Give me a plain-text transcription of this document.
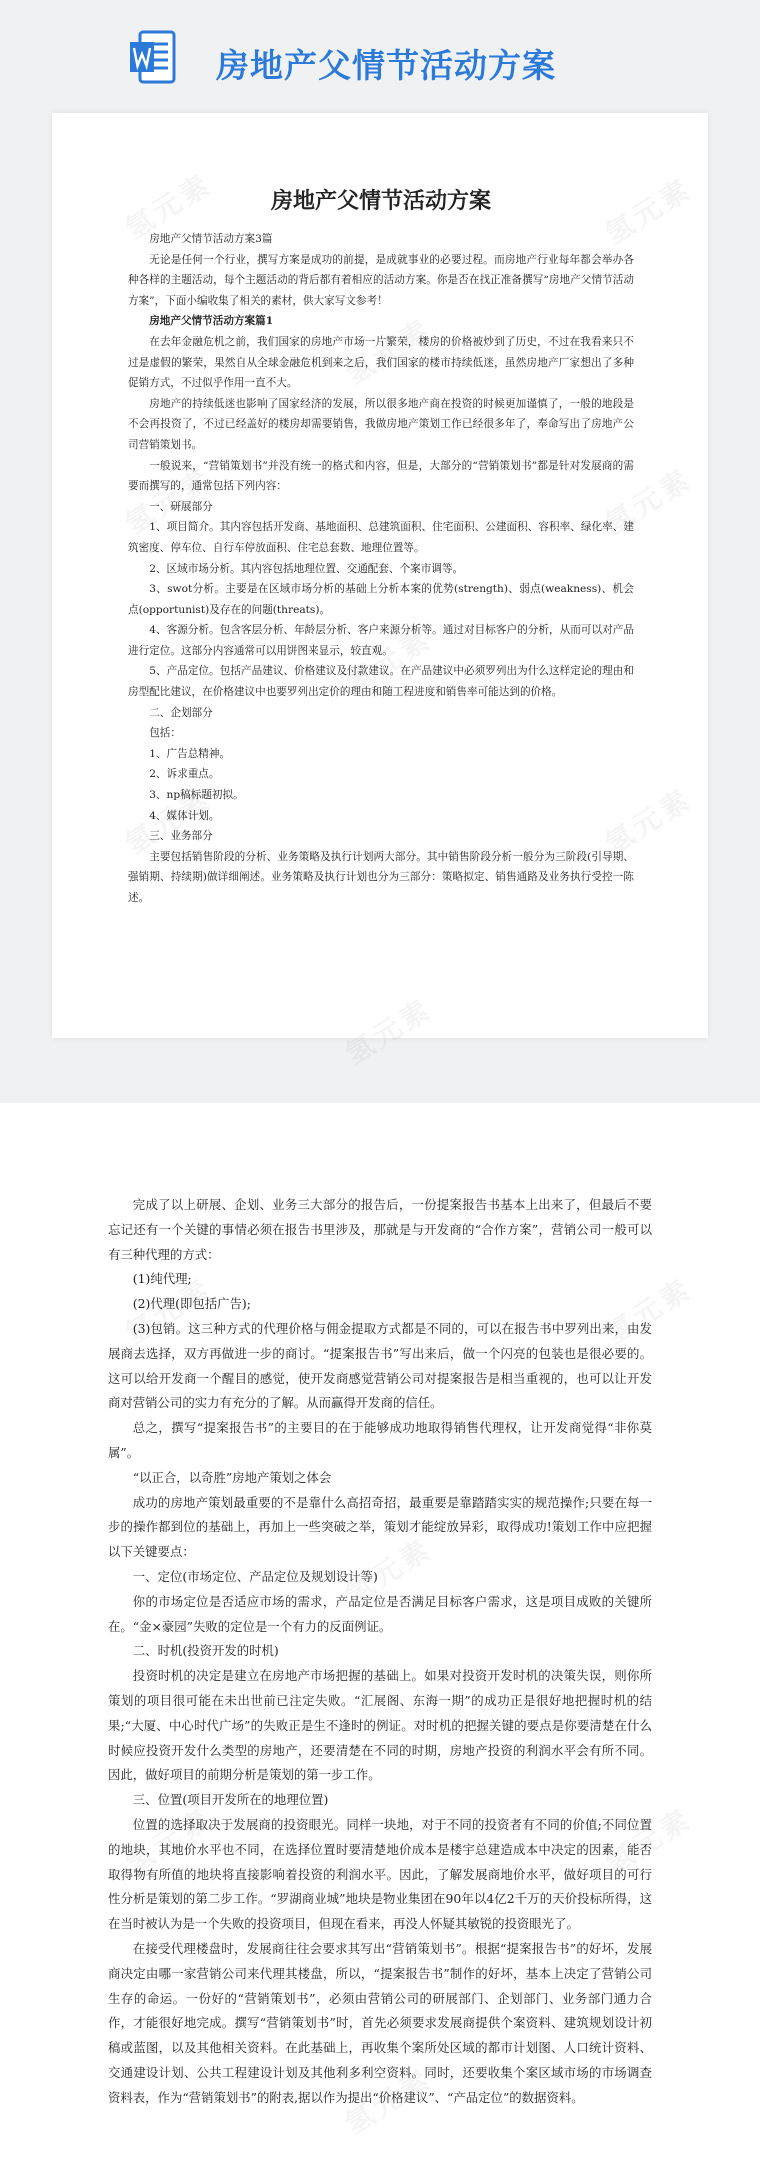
房地产父情节活动方案
房地产父情节活动方案

房地产父情节活动方案3篇

无论是任何一个行业，撰写方案是成功的前提，是成就事业的必要过程。而房地产行业每年都会举办各种各样的主题活动，每个主题活动的背后都有着相应的活动方案。你是否在找正准备撰写“房地产父情节活动方案”，下面小编收集了相关的素材，供大家写文参考！

房地产父情节活动方案篇1

在去年金融危机之前，我们国家的房地产市场一片繁荣，楼房的价格被炒到了历史，不过在我看来只不过是虚假的繁荣，果然自从全球金融危机到来之后，我们国家的楼市持续低迷，虽然房地产厂家想出了多种促销方式，不过似乎作用一直不大。

房地产的持续低迷也影响了国家经济的发展，所以很多地产商在投资的时候更加谨慎了，一般的地段是不会再投资了，不过已经盖好的楼房却需要销售，我做房地产策划工作已经很多年了，奉命写出了房地产公司营销策划书。

一般说来，“营销策划书”并没有统一的格式和内容，但是，大部分的“营销策划书”都是针对发展商的需要而撰写的，通常包括下列内容：

一、研展部分

1、项目简介。其内容包括开发商、基地面积、总建筑面积、住宅面积、公建面积、容积率、绿化率、建筑密度、停车位、自行车停放面积、住宅总套数、地理位置等。

2、区域市场分析。其内容包括地理位置、交通配套、个案市调等。

3、swot分析。主要是在区域市场分析的基础上分析本案的优势(strength)、弱点(weakness)、机会点(opportunist)及存在的问题(threats)。

4、客源分析。包含客层分析、年龄层分析、客户来源分析等。通过对目标客户的分析，从而可以对产品进行定位。这部分内容通常可以用饼图来显示，较直观。

5、产品定位。包括产品建议、价格建议及付款建议。在产品建议中必须罗列出为什么这样定论的理由和房型配比建议，在价格建议中也要罗列出定价的理由和随工程进度和销售率可能达到的价格。

二、企划部分

包括：

1、广告总精神。

2、诉求重点。

3、np稿标题初拟。

4、媒体计划。

三、业务部分

主要包括销售阶段的分析、业务策略及执行计划两大部分。其中销售阶段分析一般分为三阶段(引导期、强销期、持续期)做详细阐述。业务策略及执行计划也分为三部分：策略拟定、销售通路及业务执行受控一陈述。

完成了以上研展、企划、业务三大部分的报告后，一份提案报告书基本上出来了，但最后不要忘记还有一个关键的事情必须在报告书里涉及，那就是与开发商的“合作方案”，营销公司一般可以有三种代理的方式：

(1)纯代理;

(2)代理(即包括广告);

(3)包销。这三种方式的代理价格与佣金提取方式都是不同的，可以在报告书中罗列出来，由发展商去选择，双方再做进一步的商讨。“提案报告书”写出来后，做一个闪亮的包装也是很必要的。这可以给开发商一个醒目的感觉，使开发商感觉营销公司对提案报告是相当重视的，也可以让开发商对营销公司的实力有充分的了解。从而赢得开发商的信任。

总之，撰写“提案报告书”的主要目的在于能够成功地取得销售代理权，让开发商觉得“非你莫属”。

“以正合，以奇胜”房地产策划之体会

成功的房地产策划最重要的不是靠什么高招奇招，最重要是靠踏踏实实的规范操作;只要在每一步的操作都到位的基础上，再加上一些突破之举，策划才能绽放异彩，取得成功!策划工作中应把握以下关键要点：

一、定位(市场定位、产品定位及规划设计等)

你的市场定位是否适应市场的需求，产品定位是否满足目标客户需求，这是项目成败的关键所在。“金×豪园”失败的定位是一个有力的反面例证。

二、时机(投资开发的时机)

投资时机的决定是建立在房地产市场把握的基础上。如果对投资开发时机的决策失误，则你所策划的项目很可能在未出世前已注定失败。“汇展阁、东海一期”的成功正是很好地把握时机的结果;“大厦、中心时代广场”的失败正是生不逢时的例证。对时机的把握关键的要点是你要清楚在什么时候应投资开发什么类型的房地产，还要清楚在不同的时期，房地产投资的利润水平会有所不同。因此，做好项目的前期分析是策划的第一步工作。

三、位置(项目开发所在的地理位置)

位置的选择取决于发展商的投资眼光。同样一块地，对于不同的投资者有不同的价值;不同位置的地块，其地价水平也不同，在选择位置时要清楚地价成本是楼宇总建造成本中决定的因素，能否取得物有所值的地块将直接影响着投资的利润水平。因此，了解发展商地价水平，做好项目的可行性分析是策划的第二步工作。“罗湖商业城”地块是物业集团在90年以4亿2千万的天价投标所得，这在当时被认为是一个失败的投资项目，但现在看来，再没人怀疑其敏锐的投资眼光了。

在接受代理楼盘时，发展商往往会要求其写出“营销策划书”。根据“提案报告书”的好坏，发展商决定由哪一家营销公司来代理其楼盘，所以，“提案报告书”制作的好坏，基本上决定了营销公司生存的命运。一份好的“营销策划书”，必须由营销公司的研展部门、企划部门、业务部门通力合作，才能很好地完成。撰写“营销策划书”时，首先必须要求发展商提供个案资料、建筑规划设计初稿或蓝图，以及其他相关资料。在此基础上，再收集个案所处区域的都市计划图、人口统计资料、交通建设计划、公共工程建设计划及其他利多利空资料。同时，还要收集个案区域市场的市场调查资料表，作为“营销策划书”的附表,据以作为提出“价格建议”、“产品定位”的数据资料。
